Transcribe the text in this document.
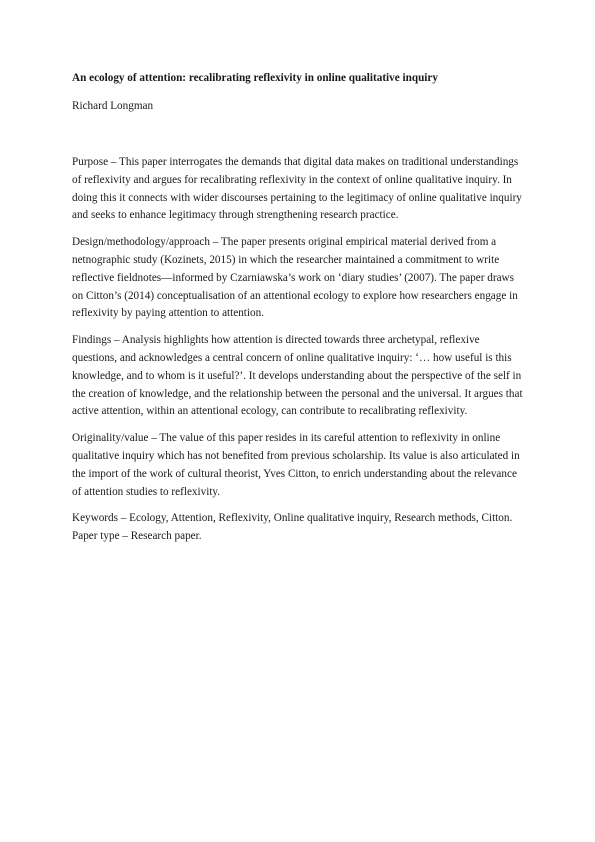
An ecology of attention: recalibrating reflexivity in online qualitative inquiry

Richard Longman

Purpose – This paper interrogates the demands that digital data makes on traditional understandings of reflexivity and argues for recalibrating reflexivity in the context of online qualitative inquiry. In doing this it connects with wider discourses pertaining to the legitimacy of online qualitative inquiry and seeks to enhance legitimacy through strengthening research practice.

Design/methodology/approach – The paper presents original empirical material derived from a netnographic study (Kozinets, 2015) in which the researcher maintained a commitment to write reflective fieldnotes—informed by Czarniawska’s work on ‘diary studies’ (2007). The paper draws on Citton’s (2014) conceptualisation of an attentional ecology to explore how researchers engage in reflexivity by paying attention to attention.

Findings – Analysis highlights how attention is directed towards three archetypal, reflexive questions, and acknowledges a central concern of online qualitative inquiry: ‘… how useful is this knowledge, and to whom is it useful?’. It develops understanding about the perspective of the self in the creation of knowledge, and the relationship between the personal and the universal. It argues that active attention, within an attentional ecology, can contribute to recalibrating reflexivity.

Originality/value – The value of this paper resides in its careful attention to reflexivity in online qualitative inquiry which has not benefited from previous scholarship. Its value is also articulated in the import of the work of cultural theorist, Yves Citton, to enrich understanding about the relevance of attention studies to reflexivity.

Keywords – Ecology, Attention, Reflexivity, Online qualitative inquiry, Research methods, Citton. Paper type – Research paper.
